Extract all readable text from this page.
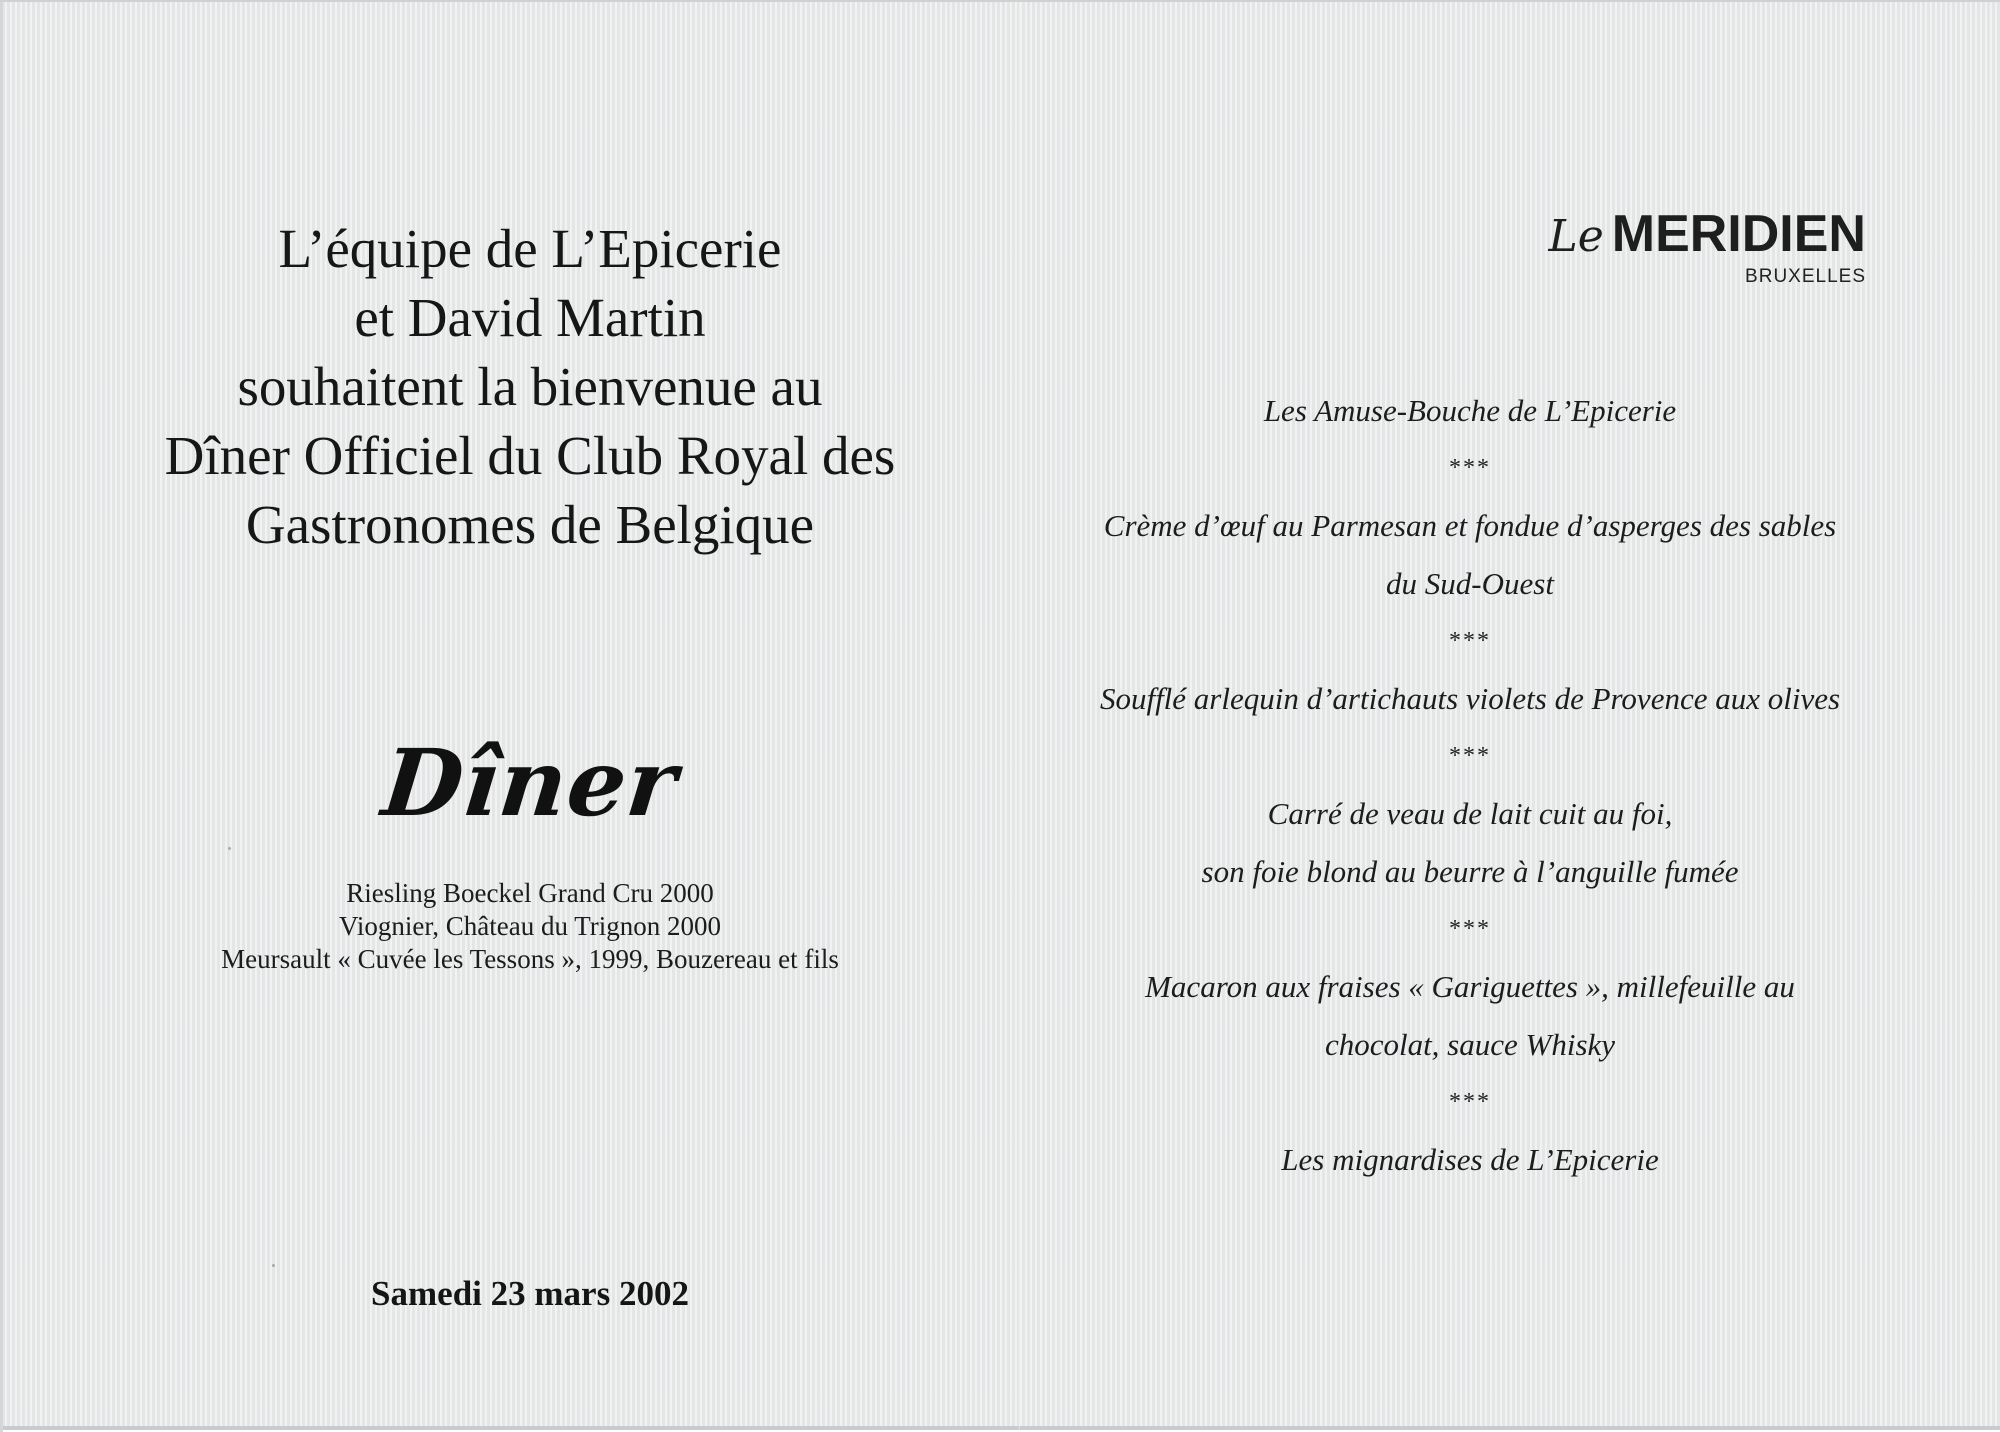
L’équipe de L’Epicerie
et David Martin
souhaitent la bienvenue au
Dîner Officiel du Club Royal des
Gastronomes de Belgique
Dîner
Riesling Boeckel Grand Cru 2000
Viognier, Château du Trignon 2000
Meursault « Cuvée les Tessons », 1999, Bouzereau et fils
Samedi 23 mars 2002
Le MERIDIEN
BRUXELLES
Les Amuse-Bouche de L’Epicerie
***
Crème d’œuf au Parmesan et fondue d’asperges des sables
du Sud-Ouest
***
Soufflé arlequin d’artichauts violets de Provence aux olives
***
Carré de veau de lait cuit au foi,
son foie blond au beurre à l’anguille fumée
***
Macaron aux fraises « Gariguettes », millefeuille au
chocolat, sauce Whisky
***
Les mignardises de L’Epicerie
